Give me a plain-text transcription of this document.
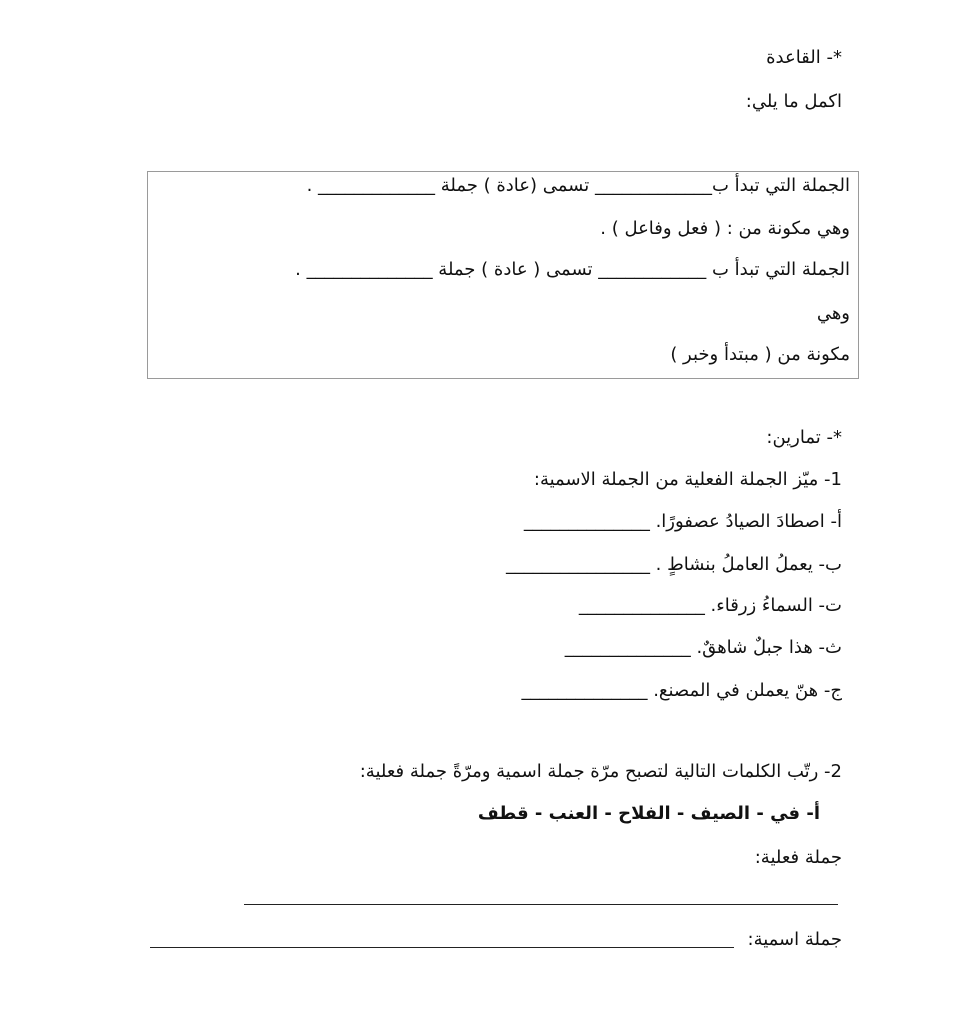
*- القاعدة
اكمل ما يلي:
الجملة التي تبدأ ب_____________ تسمى (عادة ) جملة _____________ .
وهي مكونة من : ( فعل وفاعل ) .
الجملة التي تبدأ ب ____________ تسمى ( عادة ) جملة ______________ .
وهي
مكونة من ( مبتدأ وخبر )
*- تمارين:
1- ميّز الجملة الفعلية من الجملة الاسمية:
أ- اصطادَ الصيادُ عصفورًا. ______________
ب- يعملُ العاملُ بنشاطٍ . ________________
ت- السماءُ زرقاء. ______________
ث- هذا جبلٌ شاهقٌ. ______________
ج- هنّ يعملن في المصنع. ______________
2- رتّب الكلمات التالية لتصبح مرّة جملة اسمية ومرّةً جملة فعلية:
أ- في - الصيف - الفلاح - العنب - قطف
جملة فعلية:
جملة اسمية:
